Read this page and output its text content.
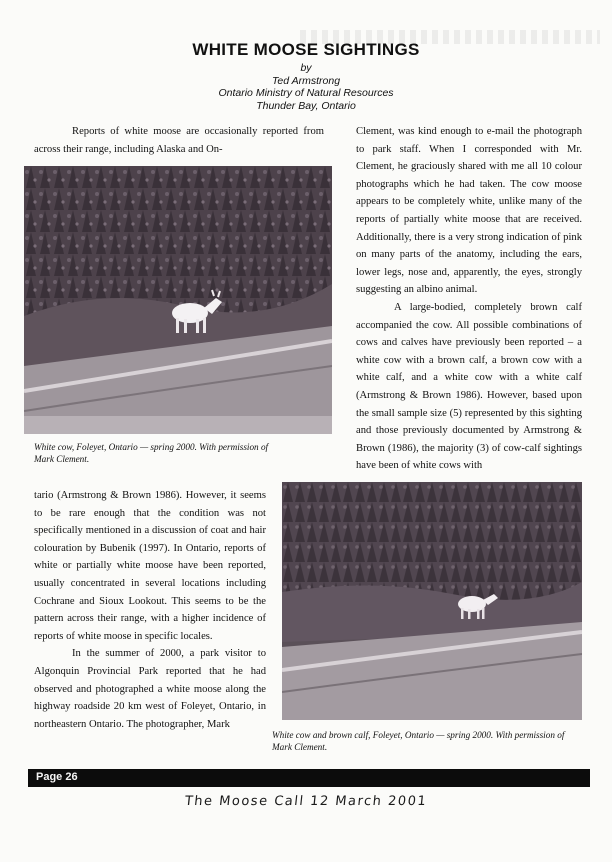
WHITE MOOSE SIGHTINGS
by
Ted Armstrong
Ontario Ministry of Natural Resources
Thunder Bay, Ontario

Reports of white moose are occasionally reported from across their range, including Alaska and On-

Clement, was kind enough to e-mail the photograph to park staff. When I corresponded with Mr. Clement, he graciously shared with me all 10 colour photographs which he had taken. The cow moose appears to be completely white, unlike many of the reports of partially white moose that are received. Additionally, there is a very strong indication of pink on many parts of the anatomy, including the ears, lower legs, nose and, apparently, the eyes, strongly suggesting an albino animal.

A large-bodied, completely brown calf accompanied the cow. All possible combinations of cows and calves have previously been reported – a white cow with a brown calf, a brown cow with a white calf, and a white cow with a white calf (Armstrong & Brown 1986). However, based upon the small sample size (5) represented by this sighting and those previously documented by Armstrong & Brown (1986), the majority (3) of cow-calf sightings have been of white cows with

White cow, Foleyet, Ontario — spring 2000. With permission of Mark Clement.

tario (Armstrong & Brown 1986). However, it seems to be rare enough that the condition was not specifically mentioned in a discussion of coat and hair colouration by Bubenik (1997). In Ontario, reports of white or partially white moose have been reported, usually concentrated in several locations including Cochrane and Sioux Lookout. This seems to be the pattern across their range, with a higher incidence of reports of white moose in specific locales.

In the summer of 2000, a park visitor to Algonquin Provincial Park reported that he had observed and photographed a white moose along the highway roadside 20 km west of Foleyet, Ontario, in northeastern Ontario. The photographer, Mark

White cow and brown calf, Foleyet, Ontario — spring 2000. With permission of Mark Clement.
Page 26
The Moose Call 12 March 2001
